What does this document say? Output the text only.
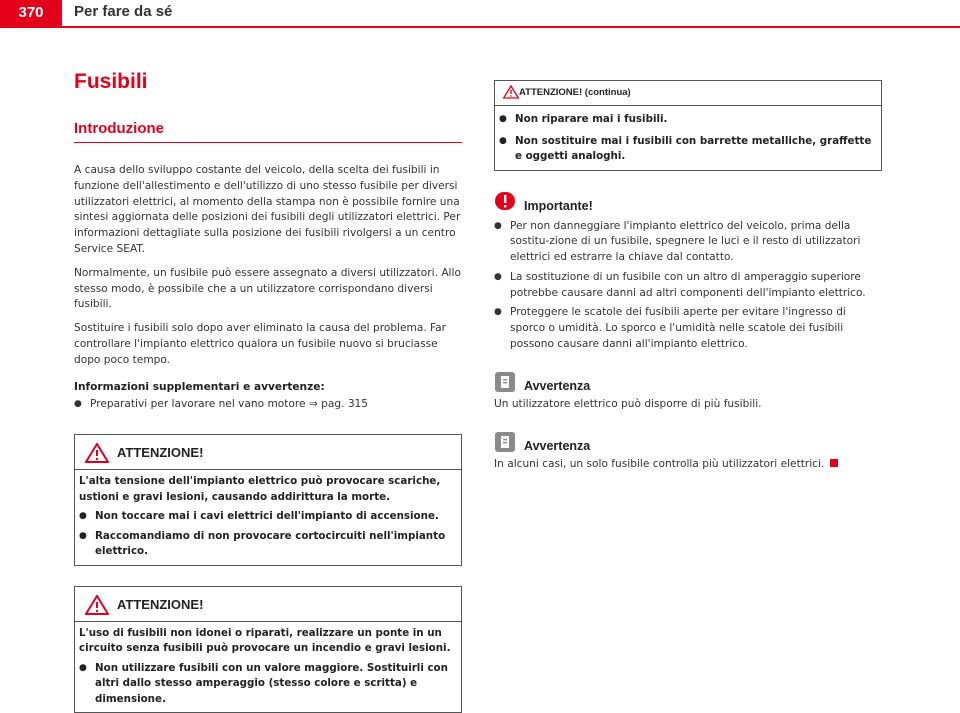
370	Per fare da sé
Fusibili
Introduzione

A causa dello sviluppo costante del veicolo, della scelta dei fusibili in funzione dell'allestimento e dell'utilizzo di uno stesso fusibile per diversi utilizzatori elettrici, al momento della stampa non è possibile fornire una sintesi aggiornata delle posizioni dei fusibili degli utilizzatori elettrici. Per informazioni dettagliate sulla posizione dei fusibili rivolgersi a un centro Service SEAT.

Normalmente, un fusibile può essere assegnato a diversi utilizzatori. Allo stesso modo, è possibile che a un utilizzatore corrispondano diversi fusibili.

Sostituire i fusibili solo dopo aver eliminato la causa del problema. Far controllare l'impianto elettrico qualora un fusibile nuovo si bruciasse dopo poco tempo.

Informazioni supplementari e avvertenze:
● Preparativi per lavorare nel vano motore ⇒ pag. 315
ATTENZIONE!

L'alta tensione dell'impianto elettrico può provocare scariche, ustioni e gravi lesioni, causando addirittura la morte.

● Non toccare mai i cavi elettrici dell'impianto di accensione.
● Raccomandiamo di non provocare cortocircuiti nell'impianto elettrico.
ATTENZIONE!

L'uso di fusibili non idonei o riparati, realizzare un ponte in un circuito senza fusibili può provocare un incendio e gravi lesioni.

● Non utilizzare fusibili con un valore maggiore. Sostituirli con altri dallo stesso amperaggio (stesso colore e scritta) e dimensione.
ATTENZIONE! (continua)
● Non riparare mai i fusibili.
● Non sostituire mai i fusibili con barrette metalliche, graffette e oggetti analoghi.
Importante!
● Per non danneggiare l'impianto elettrico del veicolo, prima della sostitu-zione di un fusibile, spegnere le luci e il resto di utilizzatori elettrici ed estrarre la chiave dal contatto.
● La sostituzione di un fusibile con un altro di amperaggio superiore potrebbe causare danni ad altri componenti dell'impianto elettrico.
● Proteggere le scatole dei fusibili aperte per evitare l'ingresso di sporco o umidità. Lo sporco e l'umidità nelle scatole dei fusibili possono causare danni all'impianto elettrico.
Avvertenza

Un utilizzatore elettrico può disporre di più fusibili.

Avvertenza

In alcuni casi, un solo fusibile controlla più utilizzatori elettrici.
